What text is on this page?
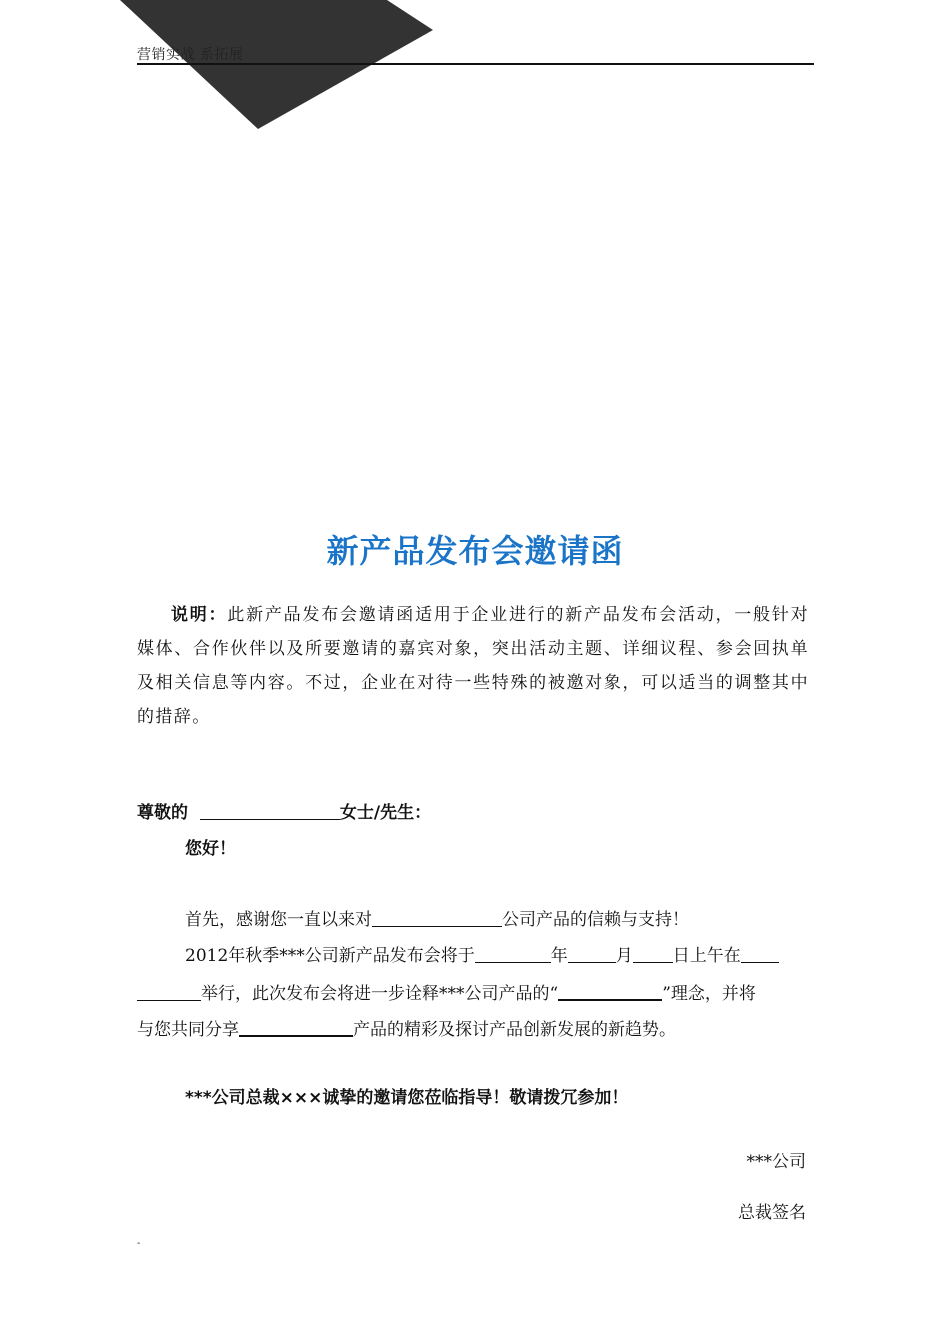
营销实战 系拓展
新产品发布会邀请函
说明：此新产品发布会邀请函适用于企业进行的新产品发布会活动，一般针对媒体、合作伙伴以及所要邀请的嘉宾对象，突出活动主题、详细议程、参会回执单及相关信息等内容。不过，企业在对待一些特殊的被邀对象，可以适当的调整其中的措辞。
尊敬的	女士/先生：
您好！
首先，感谢您一直以来对	公司产品的信赖与支持！
2012年秋季***公司新产品发布会将于	年	月 日上午在
举行，此次发布会将进一步诠释***公司产品的“	”理念，并将
与您共同分享	产品的精彩及探讨产品创新发展的新趋势。
***公司总裁×××诚挚的邀请您莅临指导！敬请拨冗参加！
***公司
总裁签名
-
